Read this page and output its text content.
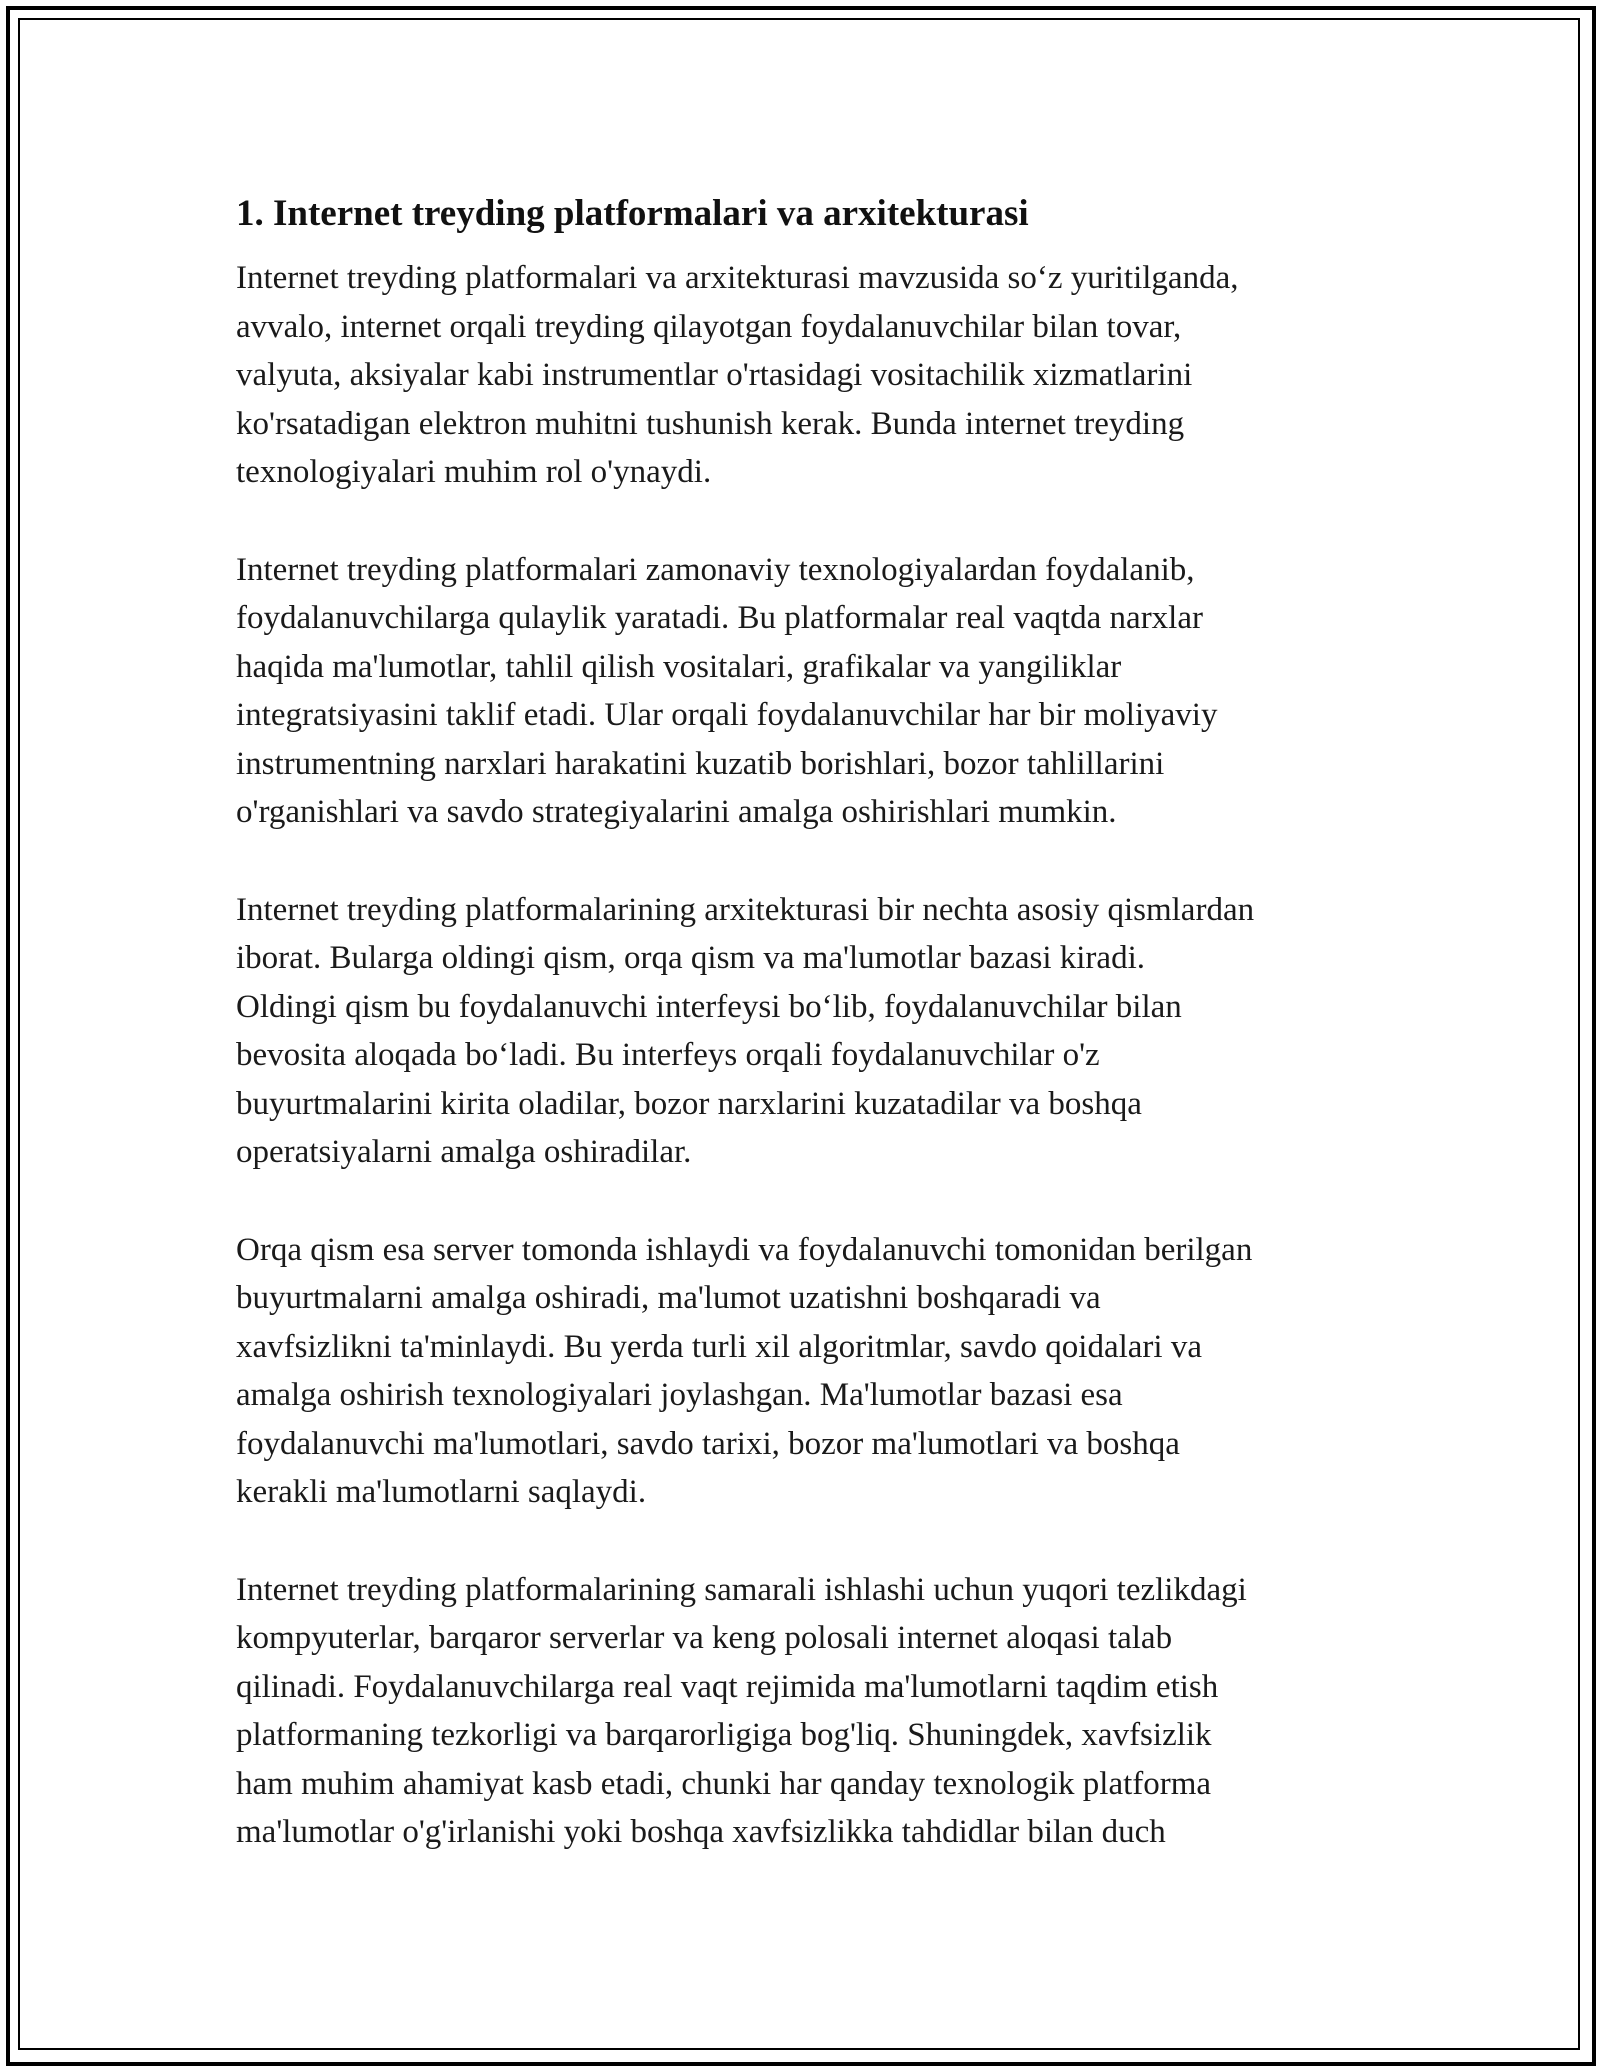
1. Internet treyding platformalari va arxitekturasi
Internet treyding platformalari va arxitekturasi mavzusida so‘z yuritilganda,
avvalo, internet orqali treyding qilayotgan foydalanuvchilar bilan tovar,
valyuta, aksiyalar kabi instrumentlar o'rtasidagi vositachilik xizmatlarini
ko'rsatadigan elektron muhitni tushunish kerak. Bunda internet treyding
texnologiyalari muhim rol o'ynaydi.
Internet treyding platformalari zamonaviy texnologiyalardan foydalanib,
foydalanuvchilarga qulaylik yaratadi. Bu platformalar real vaqtda narxlar
haqida ma'lumotlar, tahlil qilish vositalari, grafikalar va yangiliklar
integratsiyasini taklif etadi. Ular orqali foydalanuvchilar har bir moliyaviy
instrumentning narxlari harakatini kuzatib borishlari, bozor tahlillarini
o'rganishlari va savdo strategiyalarini amalga oshirishlari mumkin.
Internet treyding platformalarining arxitekturasi bir nechta asosiy qismlardan
iborat. Bularga oldingi qism, orqa qism va ma'lumotlar bazasi kiradi.
Oldingi qism bu foydalanuvchi interfeysi bo‘lib, foydalanuvchilar bilan
bevosita aloqada bo‘ladi. Bu interfeys orqali foydalanuvchilar o'z
buyurtmalarini kirita oladilar, bozor narxlarini kuzatadilar va boshqa
operatsiyalarni amalga oshiradilar.
Orqa qism esa server tomonda ishlaydi va foydalanuvchi tomonidan berilgan
buyurtmalarni amalga oshiradi, ma'lumot uzatishni boshqaradi va
xavfsizlikni ta'minlaydi. Bu yerda turli xil algoritmlar, savdo qoidalari va
amalga oshirish texnologiyalari joylashgan. Ma'lumotlar bazasi esa
foydalanuvchi ma'lumotlari, savdo tarixi, bozor ma'lumotlari va boshqa
kerakli ma'lumotlarni saqlaydi.
Internet treyding platformalarining samarali ishlashi uchun yuqori tezlikdagi
kompyuterlar, barqaror serverlar va keng polosali internet aloqasi talab
qilinadi. Foydalanuvchilarga real vaqt rejimida ma'lumotlarni taqdim etish
platformaning tezkorligi va barqarorligiga bog'liq. Shuningdek, xavfsizlik
ham muhim ahamiyat kasb etadi, chunki har qanday texnologik platforma
ma'lumotlar o'g'irlanishi yoki boshqa xavfsizlikka tahdidlar bilan duch
